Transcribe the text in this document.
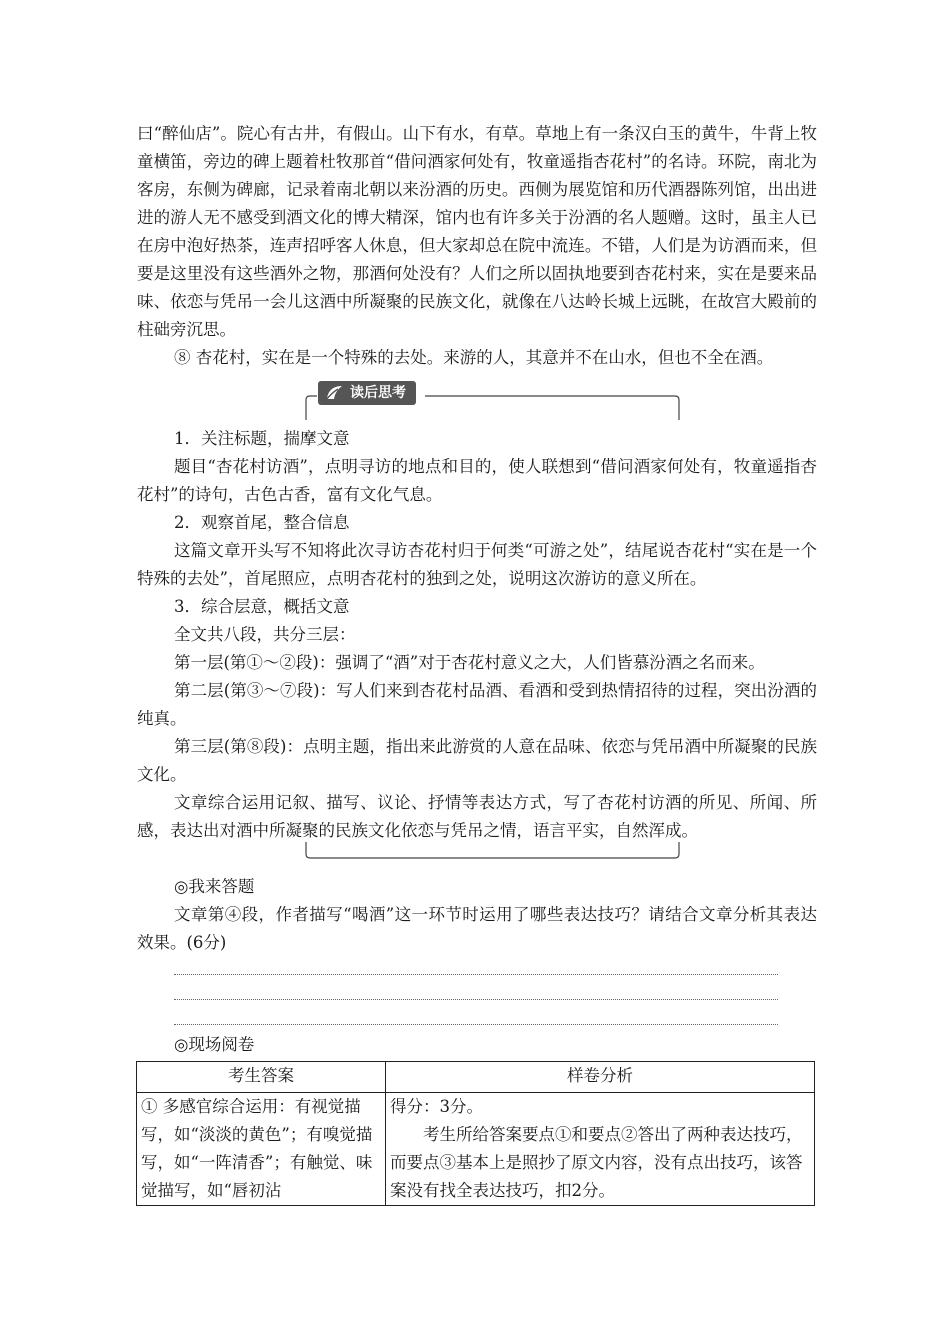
曰“醉仙店”。院心有古井，有假山。山下有水，有草。草地上有一条汉白玉的黄牛，牛背上牧童横笛，旁边的碑上题着杜牧那首“借问酒家何处有，牧童遥指杏花村”的名诗。环院，南北为客房，东侧为碑廊，记录着南北朝以来汾酒的历史。西侧为展览馆和历代酒器陈列馆，出出进进的游人无不感受到酒文化的博大精深，馆内也有许多关于汾酒的名人题赠。这时，虽主人已在房中泡好热茶，连声招呼客人休息，但大家却总在院中流连。不错，人们是为访酒而来，但要是这里没有这些酒外之物，那酒何处没有？人们之所以固执地要到杏花村来，实在是要来品味、依恋与凭吊一会儿这酒中所凝聚的民族文化，就像在八达岭长城上远眺，在故宫大殿前的柱础旁沉思。

⑧ 杏花村，实在是一个特殊的去处。来游的人，其意并不在山水，但也不全在酒。

读后思考

1．关注标题，揣摩文意

题目“杏花村访酒”，点明寻访的地点和目的，使人联想到“借问酒家何处有，牧童遥指杏花村”的诗句，古色古香，富有文化气息。

2．观察首尾，整合信息

这篇文章开头写不知将此次寻访杏花村归于何类“可游之处”，结尾说杏花村“实在是一个特殊的去处”，首尾照应，点明杏花村的独到之处，说明这次游访的意义所在。

3．综合层意，概括文意

全文共八段，共分三层：

第一层(第①～②段)：强调了“酒”对于杏花村意义之大，人们皆慕汾酒之名而来。

第二层(第③～⑦段)：写人们来到杏花村品酒、看酒和受到热情招待的过程，突出汾酒的纯真。

第三层(第⑧段)：点明主题，指出来此游赏的人意在品味、依恋与凭吊酒中所凝聚的民族文化。

文章综合运用记叙、描写、议论、抒情等表达方式，写了杏花村访酒的所见、所闻、所感，表达出对酒中所凝聚的民族文化依恋与凭吊之情，语言平实，自然浑成。

◎我来答题

文章第④段，作者描写“喝酒”这一环节时运用了哪些表达技巧？请结合文章分析其表达效果。(6分)

◎现场阅卷

考生答案	样卷分析
① 多感官综合运用：有视觉描写，如“淡淡的黄色”；有嗅觉描写，如“一阵清香”；有触觉、味觉描写，如“唇初沾	得分：3分。
考生所给答案要点①和要点②答出了两种表达技巧，而要点③基本上是照抄了原文内容，没有点出技巧，该答案没有找全表达技巧，扣2分。
